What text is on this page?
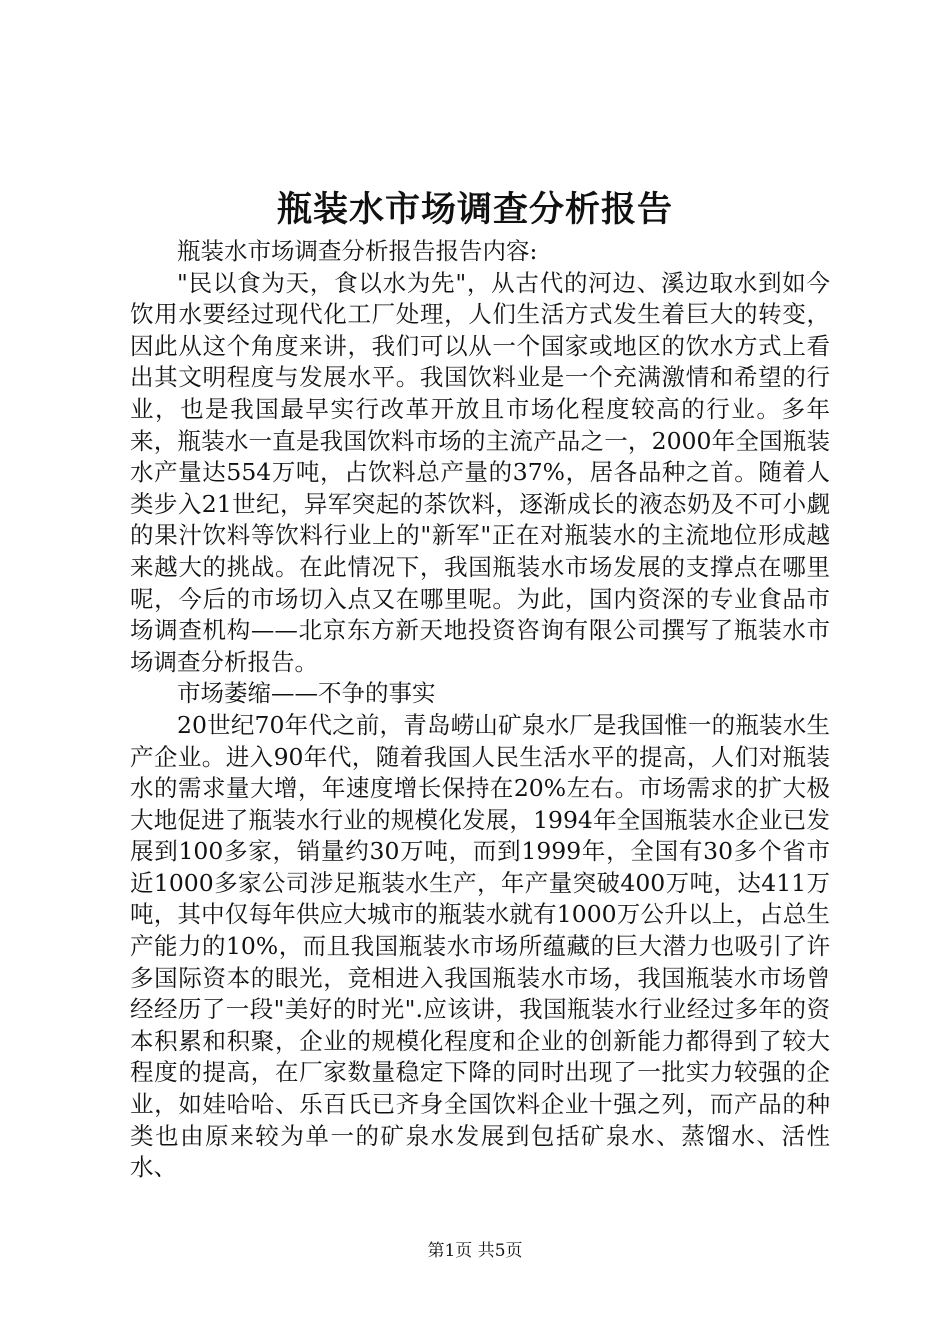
瓶装水市场调查分析报告

瓶装水市场调查分析报告报告内容:

"民以食为天，食以水为先"，从古代的河边、溪边取水到如今饮用水要经过现代化工厂处理，人们生活方式发生着巨大的转变，因此从这个角度来讲，我们可以从一个国家或地区的饮水方式上看出其文明程度与发展水平。我国饮料业是一个充满激情和希望的行业，也是我国最早实行改革开放且市场化程度较高的行业。多年来，瓶装水一直是我国饮料市场的主流产品之一，2000年全国瓶装水产量达554万吨，占饮料总产量的37%，居各品种之首。随着人类步入21世纪，异军突起的茶饮料，逐渐成长的液态奶及不可小觑的果汁饮料等饮料行业上的"新军"正在对瓶装水的主流地位形成越来越大的挑战。在此情况下，我国瓶装水市场发展的支撑点在哪里呢，今后的市场切入点又在哪里呢。为此，国内资深的专业食品市场调查机构——北京东方新天地投资咨询有限公司撰写了瓶装水市场调查分析报告。

市场萎缩——不争的事实

20世纪70年代之前，青岛崂山矿泉水厂是我国惟一的瓶装水生产企业。进入90年代，随着我国人民生活水平的提高，人们对瓶装水的需求量大增，年速度增长保持在20%左右。市场需求的扩大极大地促进了瓶装水行业的规模化发展，1994年全国瓶装水企业已发展到100多家，销量约30万吨，而到1999年，全国有30多个省市近1000多家公司涉足瓶装水生产，年产量突破400万吨，达411万吨，其中仅每年供应大城市的瓶装水就有1000万公升以上，占总生产能力的10%，而且我国瓶装水市场所蕴藏的巨大潜力也吸引了许多国际资本的眼光，竞相进入我国瓶装水市场，我国瓶装水市场曾经经历了一段"美好的时光".应该讲，我国瓶装水行业经过多年的资本积累和积聚，企业的规模化程度和企业的创新能力都得到了较大程度的提高，在厂家数量稳定下降的同时出现了一批实力较强的企业，如娃哈哈、乐百氏已齐身全国饮料企业十强之列，而产品的种类也由原来较为单一的矿泉水发展到包括矿泉水、蒸馏水、活性水、

第1页 共5页
